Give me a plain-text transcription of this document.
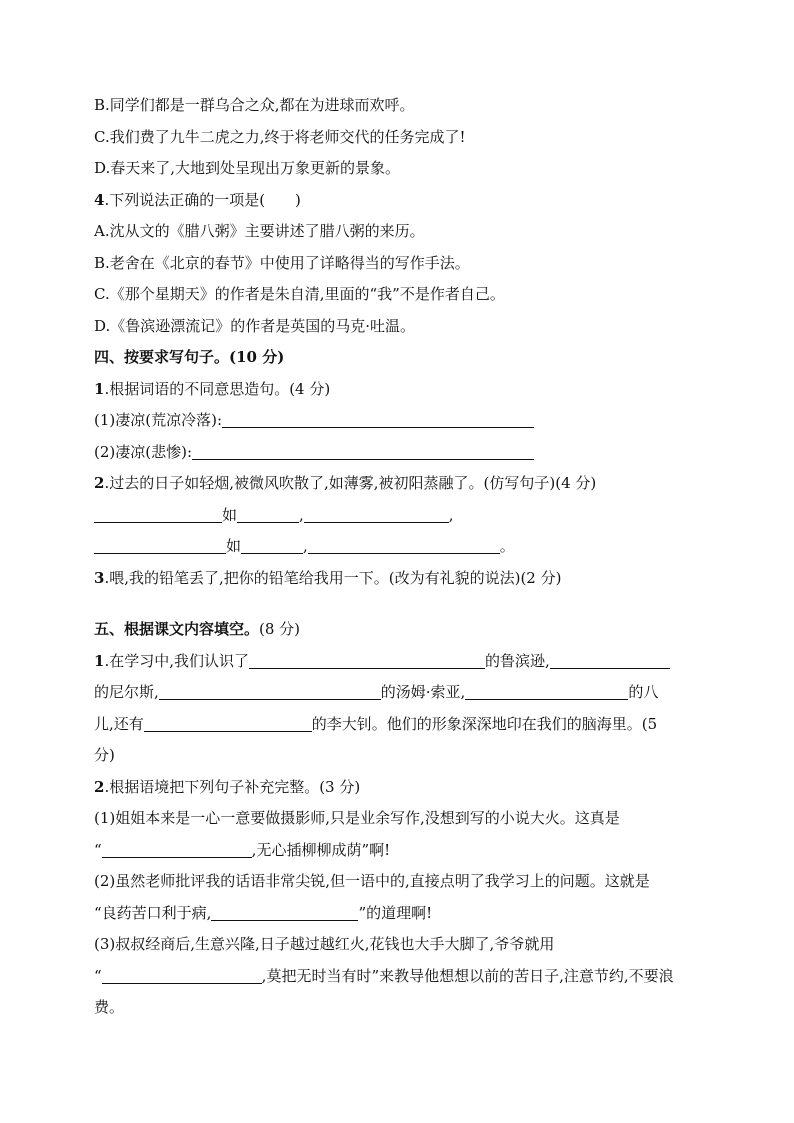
B.同学们都是一群乌合之众,都在为进球而欢呼。
C.我们费了九牛二虎之力,终于将老师交代的任务完成了!
D.春天来了,大地到处呈现出万象更新的景象。
4.下列说法正确的一项是(　　)
A.沈从文的《腊八粥》主要讲述了腊八粥的来历。
B.老舍在《北京的春节》中使用了详略得当的写作手法。
C.《那个星期天》的作者是朱自清,里面的“我”不是作者自己。
D.《鲁滨逊漂流记》的作者是英国的马克·吐温。
四、按要求写句子。(10 分)
1.根据词语的不同意思造句。(4 分)
(1)凄凉(荒凉冷落):
(2)凄凉(悲惨):
2.过去的日子如轻烟,被微风吹散了,如薄雾,被初阳蒸融了。(仿写句子)(4 分)
如	,	,
如	,	。
3.喂,我的铅笔丢了,把你的铅笔给我用一下。(改为有礼貌的说法)(2 分)
五、根据课文内容填空。(8 分)
1.在学习中,我们认识了	的鲁滨逊,
的尼尔斯,	的汤姆·索亚,	的八
儿,还有	的李大钊。他们的形象深深地印在我们的脑海里。(5
分)
2.根据语境把下列句子补充完整。(3 分)
(1)姐姐本来是一心一意要做摄影师,只是业余写作,没想到写的小说大火。这真是
“	,无心插柳柳成荫”啊!
(2)虽然老师批评我的话语非常尖锐,但一语中的,直接点明了我学习上的问题。这就是
“良药苦口利于病,	”的道理啊!
(3)叔叔经商后,生意兴隆,日子越过越红火,花钱也大手大脚了,爷爷就用
“	,莫把无时当有时”来教导他想想以前的苦日子,注意节约,不要浪
费。
